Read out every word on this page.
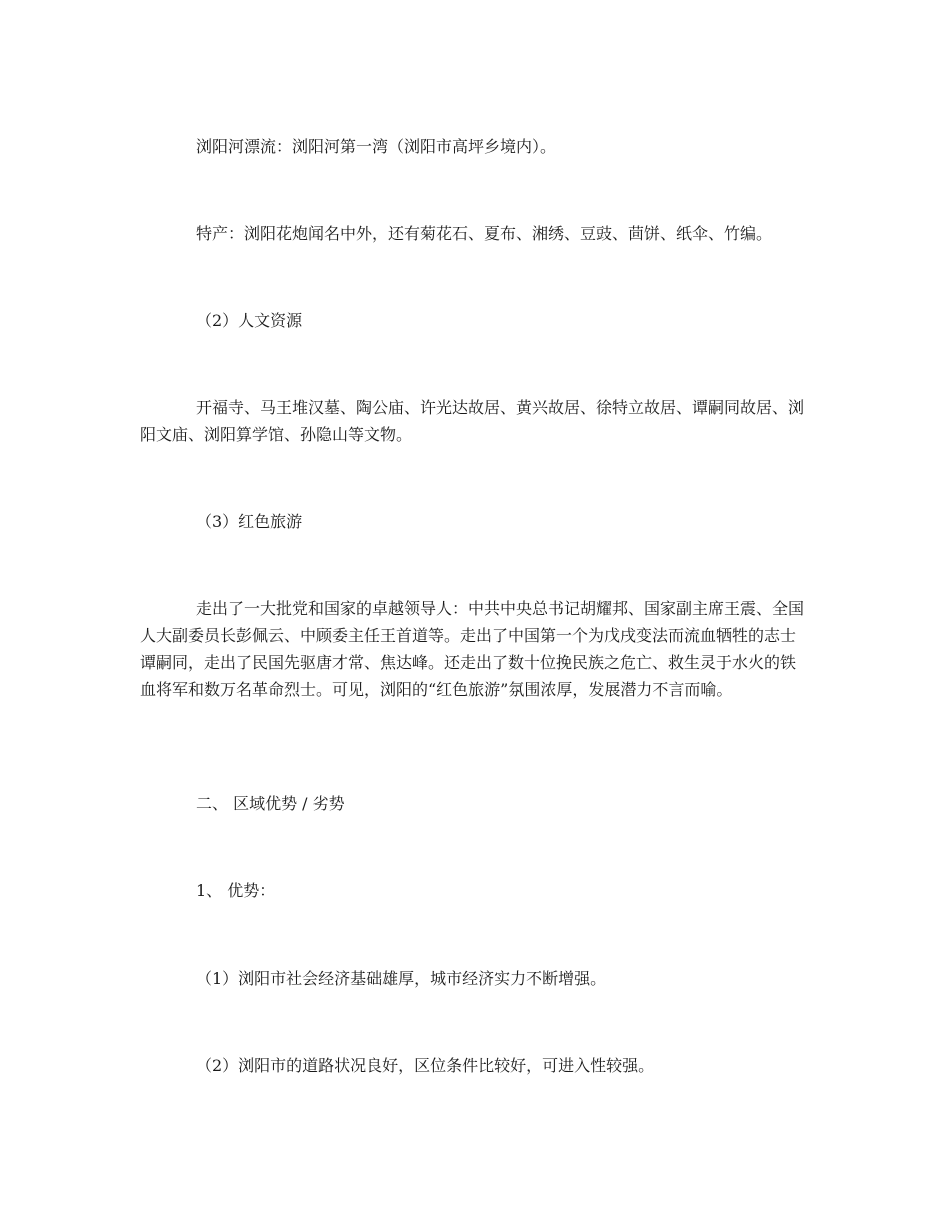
浏阳河漂流：浏阳河第一湾（浏阳市高坪乡境内）。

特产：浏阳花炮闻名中外，还有菊花石、夏布、湘绣、豆豉、茴饼、纸伞、竹编。

（2）人文资源

开福寺、马王堆汉墓、陶公庙、许光达故居、黄兴故居、徐特立故居、谭嗣同故居、浏阳文庙、浏阳算学馆、孙隐山等文物。

（3）红色旅游

走出了一大批党和国家的卓越领导人：中共中央总书记胡耀邦、国家副主席王震、全国人大副委员长彭佩云、中顾委主任王首道等。走出了中国第一个为戊戌变法而流血牺牲的志士谭嗣同，走出了民国先驱唐才常、焦达峰。还走出了数十位挽民族之危亡、救生灵于水火的铁血将军和数万名革命烈士。可见，浏阳的“红色旅游”氛围浓厚，发展潜力不言而喻。

二、 区域优势 / 劣势

1、 优势：

（1）浏阳市社会经济基础雄厚，城市经济实力不断增强。

（2）浏阳市的道路状况良好，区位条件比较好，可进入性较强。
